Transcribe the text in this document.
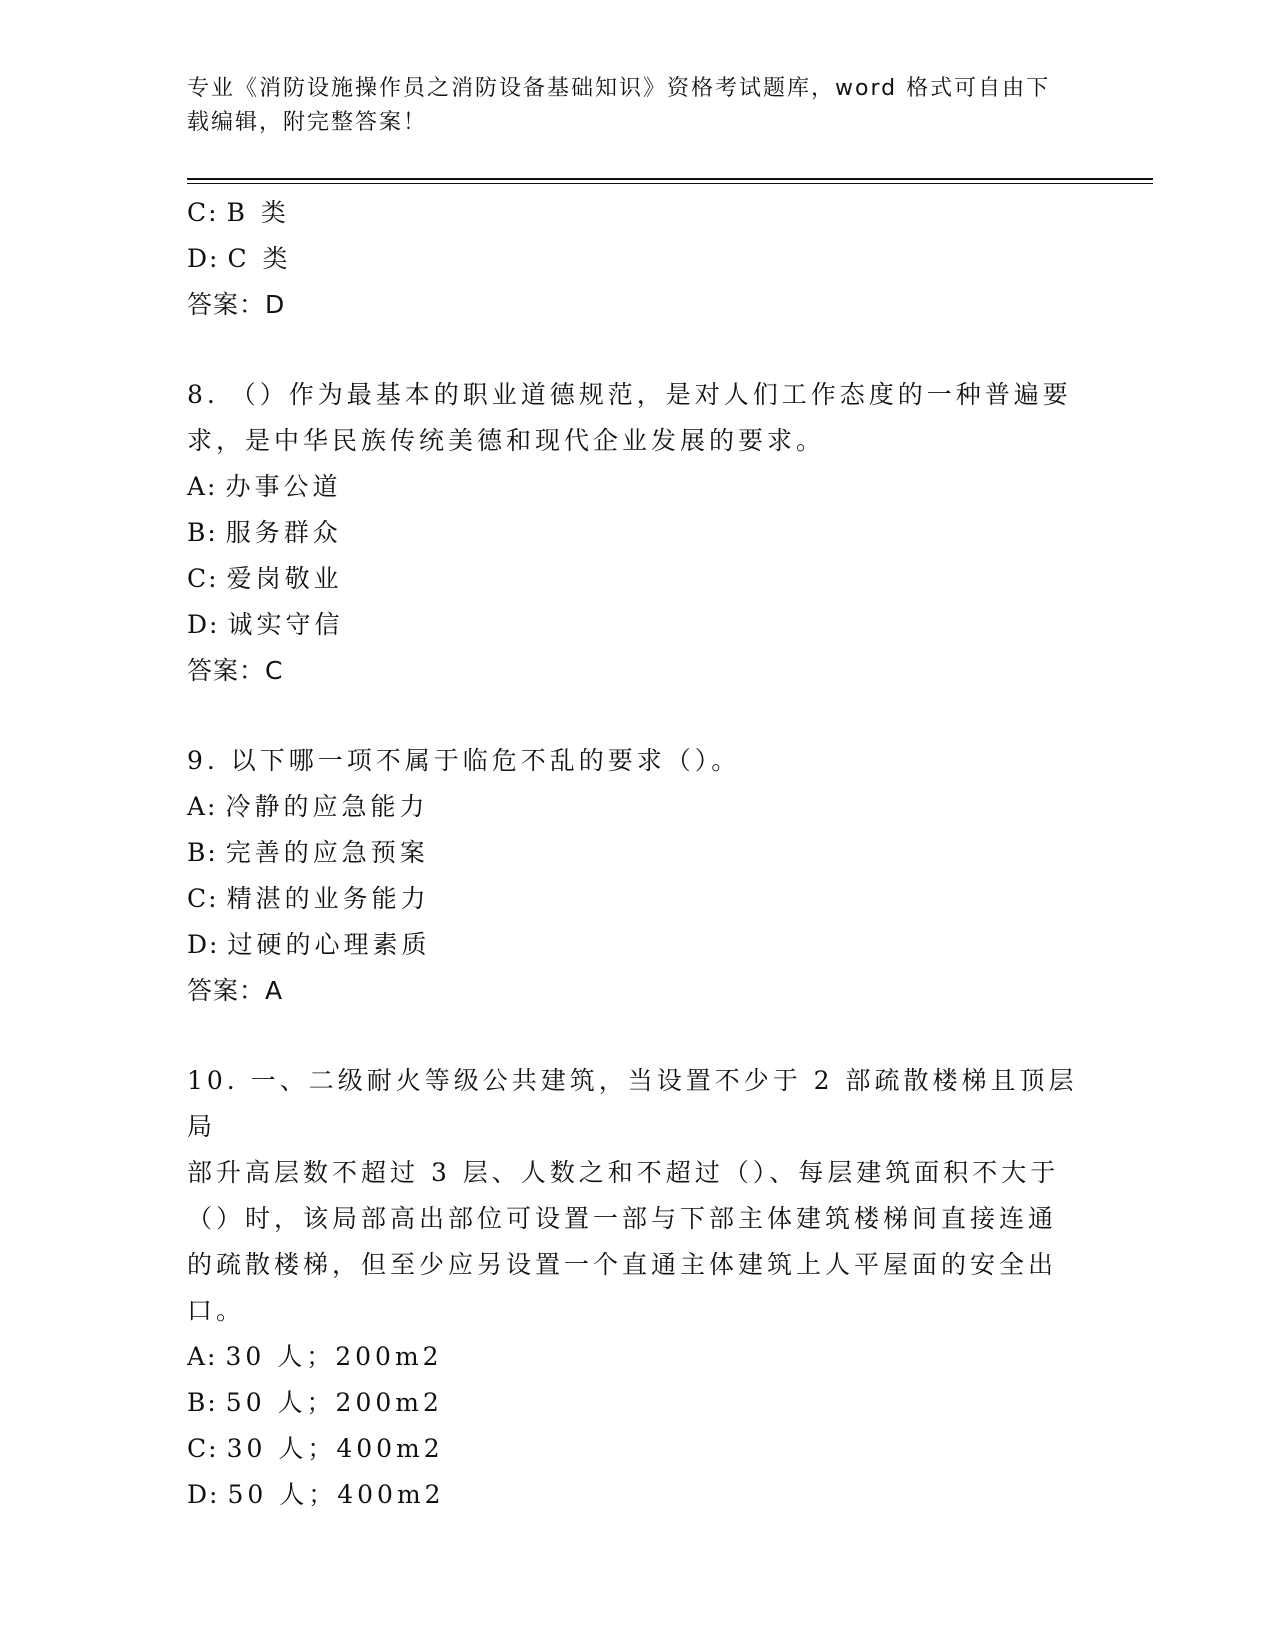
专业《消防设施操作员之消防设备基础知识》资格考试题库，word 格式可自由下
载编辑，附完整答案！
C: B 类
D: C 类
答案：D
8. （）作为最基本的职业道德规范，是对人们工作态度的一种普遍要
求，是中华民族传统美德和现代企业发展的要求。
A: 办事公道
B: 服务群众
C: 爱岗敬业
D: 诚实守信
答案：C
9. 以下哪一项不属于临危不乱的要求（）。
A: 冷静的应急能力
B: 完善的应急预案
C: 精湛的业务能力
D: 过硬的心理素质
答案：A
10. 一、二级耐火等级公共建筑，当设置不少于 2 部疏散楼梯且顶层局
部升高层数不超过 3 层、人数之和不超过（）、每层建筑面积不大于
（）时，该局部高出部位可设置一部与下部主体建筑楼梯间直接连通
的疏散楼梯，但至少应另设置一个直通主体建筑上人平屋面的安全出
口。
A: 30 人；200m2
B: 50 人；200m2
C: 30 人；400m2
D: 50 人；400m2
